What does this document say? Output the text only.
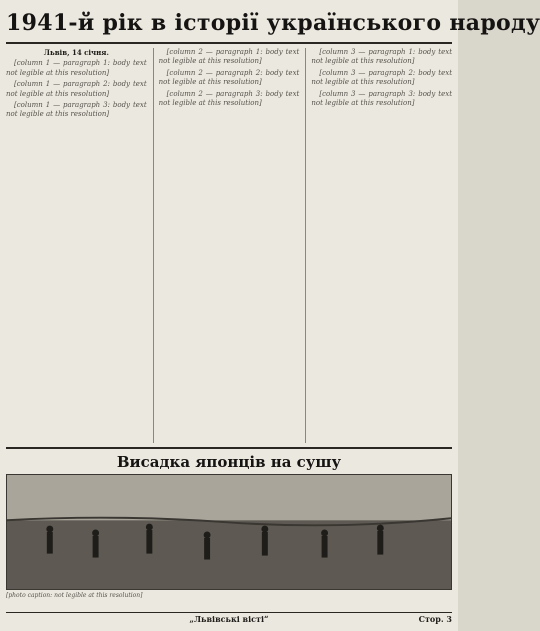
1941-й рік в історії українського народу
Львів, 14 січня.

[column 1 — paragraph 1: body text not legible at this resolution]

[column 1 — paragraph 2: body text not legible at this resolution]

[column 1 — paragraph 3: body text not legible at this resolution]

[column 2 — paragraph 1: body text not legible at this resolution]

[column 2 — paragraph 2: body text not legible at this resolution]

[column 2 — paragraph 3: body text not legible at this resolution]

[column 3 — paragraph 1: body text not legible at this resolution]

[column 3 — paragraph 2: body text not legible at this resolution]

[column 3 — paragraph 3: body text not legible at this resolution]

Висадка японців на сушу
[photo caption: not legible at this resolution]
„Львівські вісті“	Стор. 3
